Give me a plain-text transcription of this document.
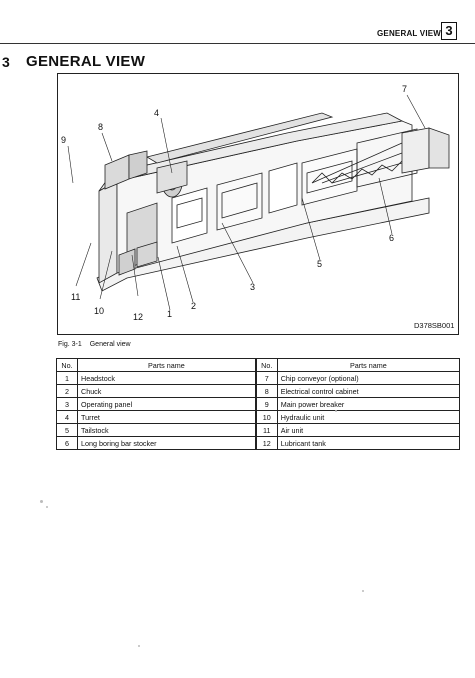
GENERAL VIEW 3
3 GENERAL VIEW
1
2
3
4
5
6
7
8
9
10
11
12
D378SB001
Fig. 3-1 General view
No.	Parts name	No.	Parts name
1	Headstock	7	Chip conveyor (optional)
2	Chuck	8	Electrical control cabinet
3	Operating panel	9	Main power breaker
4	Turret	10	Hydraulic unit
5	Tailstock	11	Air unit
6	Long boring bar stocker	12	Lubricant tank
